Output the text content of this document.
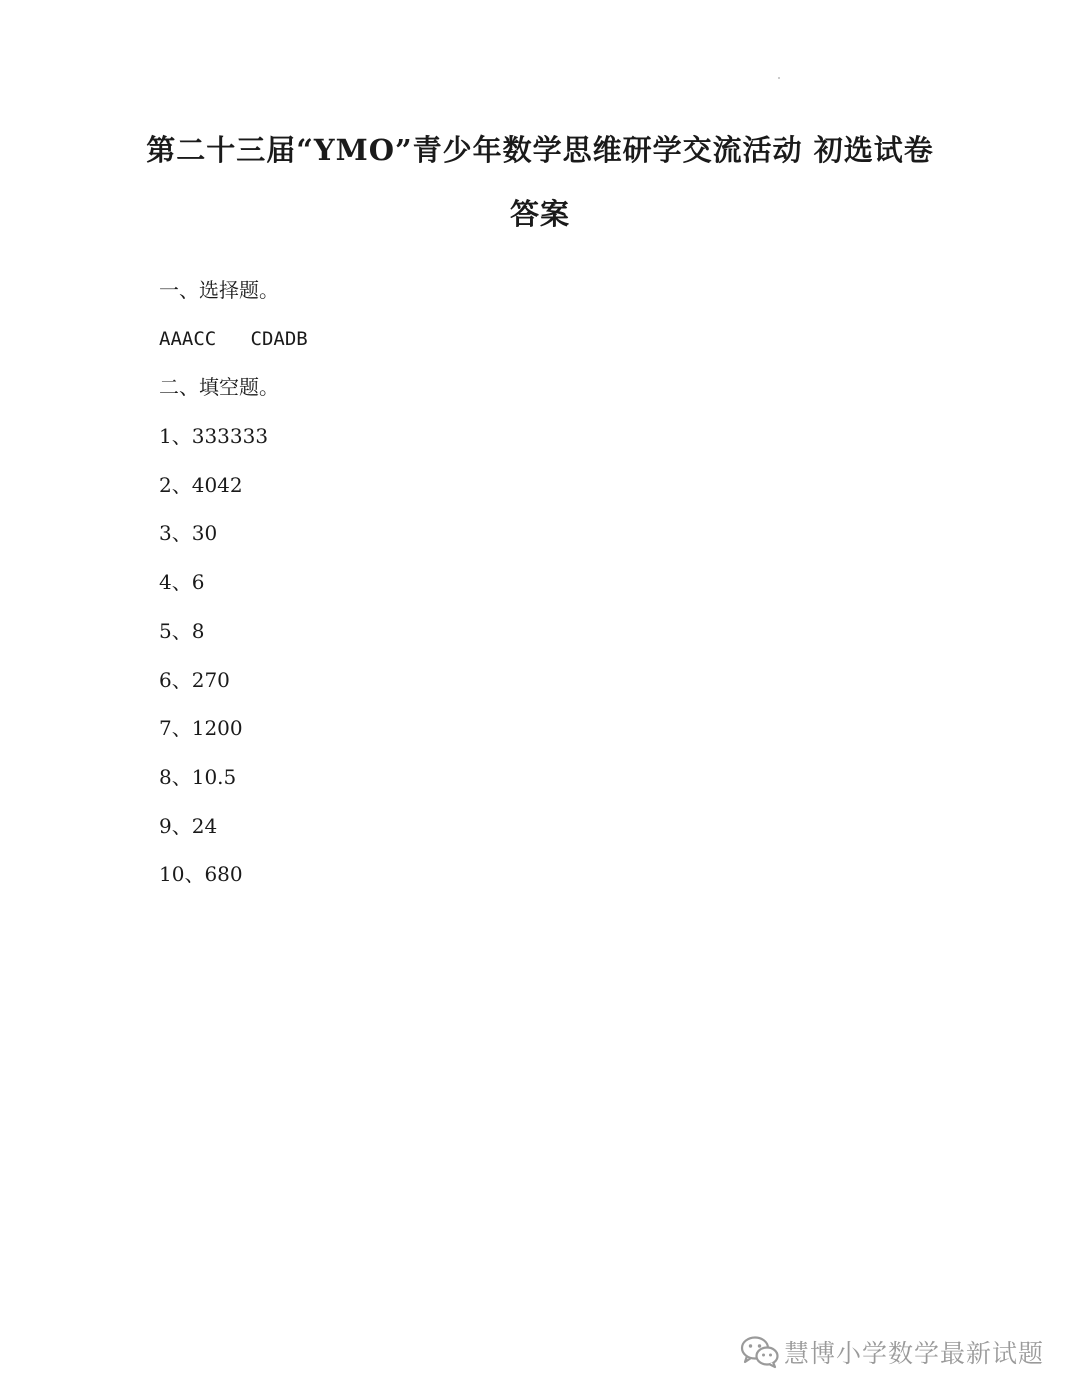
第二十三届“YMO”青少年数学思维研学交流活动 初选试卷
答案
一、选择题。
AAACC   CDADB
二、填空题。
1、333333
2、4042
3、30
4、6
5、8
6、270
7、1200
8、10.5
9、24
10、680
慧博小学数学最新试题
